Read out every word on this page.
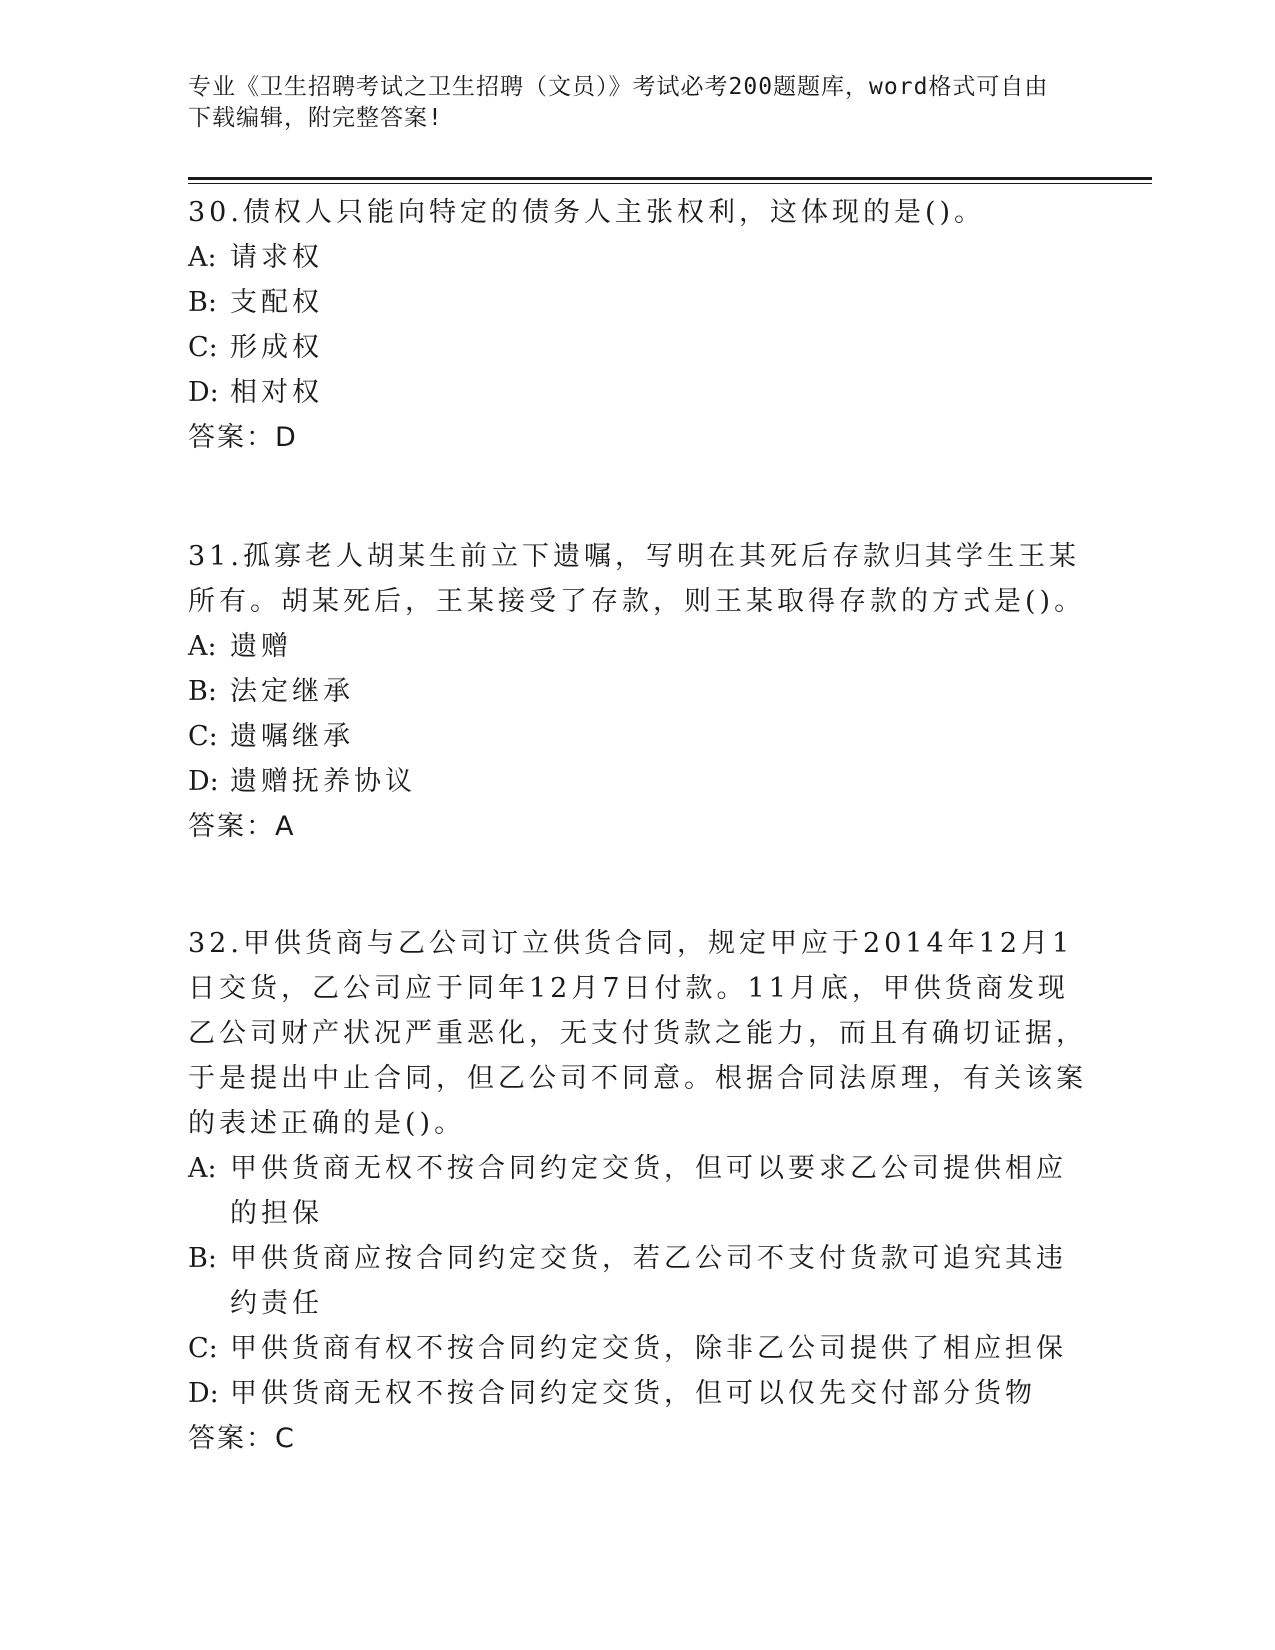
专业《卫生招聘考试之卫生招聘（文员）》考试必考200题题库，word格式可自由下载编辑，附完整答案!
30.债权人只能向特定的债务人主张权利，这体现的是()。
A: 请求权
B: 支配权
C: 形成权
D: 相对权
答案：D
31.孤寡老人胡某生前立下遗嘱，写明在其死后存款归其学生王某所有。胡某死后，王某接受了存款，则王某取得存款的方式是()。
A: 遗赠
B: 法定继承
C: 遗嘱继承
D: 遗赠抚养协议
答案：A
32.甲供货商与乙公司订立供货合同，规定甲应于2014年12月1日交货，乙公司应于同年12月7日付款。11月底，甲供货商发现乙公司财产状况严重恶化，无支付货款之能力，而且有确切证据，于是提出中止合同，但乙公司不同意。根据合同法原理，有关该案的表述正确的是()。
A: 甲供货商无权不按合同约定交货，但可以要求乙公司提供相应的担保
B: 甲供货商应按合同约定交货，若乙公司不支付货款可追究其违约责任
C: 甲供货商有权不按合同约定交货，除非乙公司提供了相应担保
D: 甲供货商无权不按合同约定交货，但可以仅先交付部分货物
答案：C
